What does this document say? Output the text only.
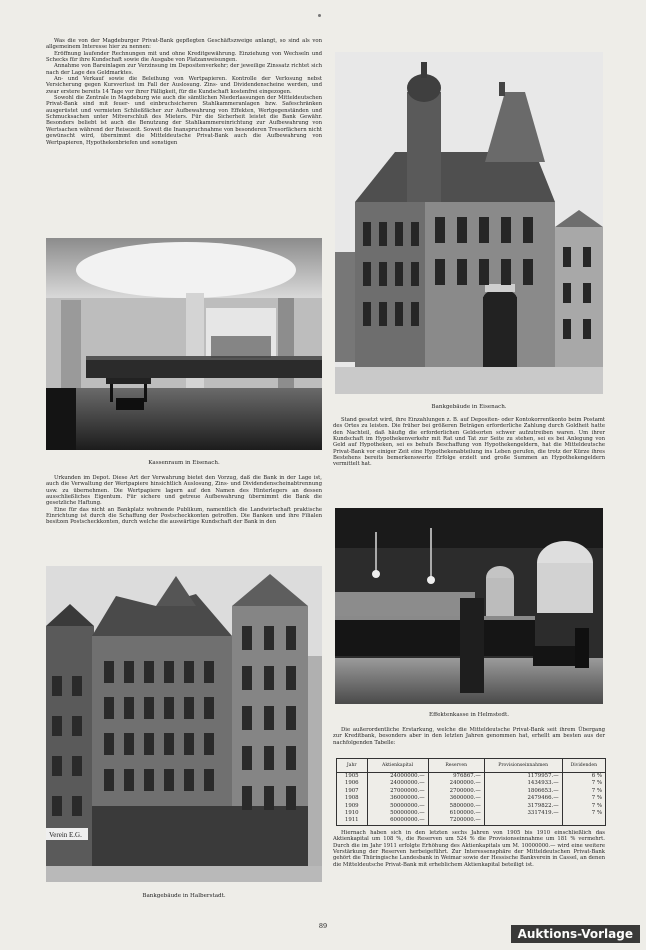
Was die von der Magdeburger Privat-Bank gepflegten Geschäftszweige anlangt, so sind als von allgemeinem Interesse hier zu nennen:

Eröffnung laufender Rechnungen mit und ohne Kreditgewährung. Einziehung von Wechseln und Schecks für ihre Kundschaft sowie die Ausgabe von Platzanweisungen.

Annahme von Bareinlagen zur Verzinsung im Depositenverkehr; der jeweilige Zinssatz richtet sich nach der Lage des Geldmarktes.

An- und Verkauf sowie die Beleihung von Wertpapieren. Kontrolle der Verlosung nebst Versicherung gegen Kursverlust im Fall der Auslosung. Zins- und Dividendenscheine werden, und zwar erstere bereits 14 Tage vor ihrer Fälligkeit, für die Kundschaft kostenfrei eingezogen.

Sowohl die Zentrale in Magdeburg wie auch die sämtlichen Niederlassungen der Mitteldeutschen Privat-Bank sind mit feuer- und einbruchsicheren Stahlkammeranlagen bzw. Safeschränken ausgerüstet und vermieten Schließfächer zur Aufbewahrung von Effekten, Wertgegenständen und Schmucksachen unter Mitverschluß des Mieters. Für die Sicherheit leistet die Bank Gewähr. Besonders beliebt ist auch die Benutzung der Stahlkammereinrichtung zur Aufbewahrung von Wertsachen während der Reisezeit. Soweit die Inanspruchnahme von besonderen Tresorfächern nicht gewünscht wird, übernimmt die Mitteldeutsche Privat-Bank auch die Aufbewahrung von Wertpapieren, Hypothekenbriefen und sonstigen

Kassenraum in Eisenach.

Urkunden im Depot. Diese Art der Verwahrung bietet den Vorzug, daß die Bank in der Lage ist, auch die Verwaltung der Wertpapiere hinsichtlich Auslosung, Zins- und Dividendenscheinabtrennung usw. zu übernehmen. Die Wertpapiere lagern auf den Namen des Hinterlegers an dessen ausschließliches Eigentum. Für sichere und getreue Aufbewahrung übernimmt die Bank die gesetzliche Haftung.

Eine für das nicht an Bankplatz wohnende Publikum, namentlich die Landwirtschaft praktische Einrichtung ist durch die Schaffung der Postscheckkonten getroffen. Die Banken und ihre Filialen besitzen Postscheckkonten, durch welche die auswärtige Kundschaft der Bank in den

Verein E.G.
Bankgebäude in Halberstadt.
Bankgebäude in Eisenach.

Stand gesetzt wird, ihre Einzahlungen z. B. auf Depositen- oder Kontokorrentkonto beim Postamt des Ortes zu leisten. Die früher bei größeren Beträgen erforderliche Zahlung durch Goldheit hatte den Nachteil, daß häufig die erforderlichen Geldsorten schwer aufzutreiben waren. Um ihrer Kundschaft im Hypothekenverkehr mit Rat und Tat zur Seite zu stehen, sei es bei Anlegung von Geld auf Hypotheken, sei es behufs Beschaffung von Hypothekengeldern, hat die Mitteldeutsche Privat-Bank vor einiger Zeit eine Hypothekenabteilung ins Leben gerufen, die trotz der Kürze ihres Bestehens bereits bemerkenswerte Erfolge erzielt und große Summen an Hypothekengeldern vermittelt hat.

Effektenkasse in Helmstedt.

Die außerordentliche Erstarkung, welche die Mitteldeutsche Privat-Bank seit ihrem Übergang zur Kreditbank, besonders aber in den letzten Jahren genommen hat, erhellt am besten aus der nachfolgenden Tabelle:

Jahr	Aktienkapital	Reserven	Provisionseinnahmen	Dividenden
1905	24000000.—	976867.—	1179957.—	6 %
1906	24000000.—	2400000.—	1434933.—	7 %
1907	27000000.—	2700000.—	1806653.—	7 %
1908	36000000.—	3600000.—	2479466.—	7 %
1909	50000000.—	5800000.—	3179822.—	7 %
1910	50000000.—	6100000.—	3317419.—	7 %
1911	60000000.—	7200000.—		

Hiernach haben sich in den letzten sechs Jahren von 1905 bis 1910 einschließlich das Aktienkapital um 108 %, die Reserven um 524 % die Provisionseinnahme um 181 % vermehrt. Durch die im Jahr 1911 erfolgte Erhöhung des Aktienkapitals um M. 10000000.— wird eine weitere Verstärkung der Reserven herbeigeführt. Zur Interessensphäre der Mitteldeutschen Privat-Bank gehört die Thüringische Landesbank in Weimar sowie der Hessische Bankverein in Cassel, an denen die Mitteldeutsche Privat-Bank mit erheblichem Aktienkapital beteiligt ist.

89
Auktions-Vorlage
